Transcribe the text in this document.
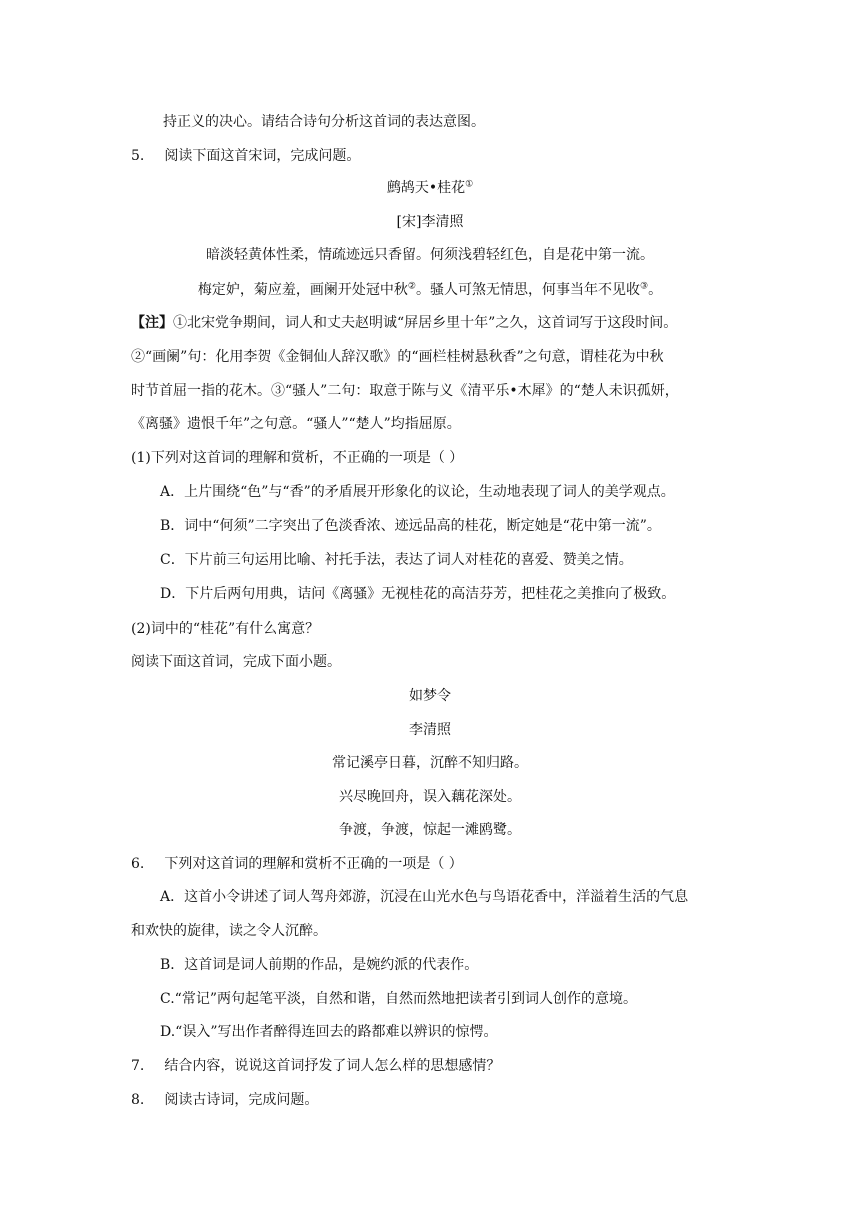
持正义的决心。请结合诗句分析这首词的表达意图。
5. 阅读下面这首宋词，完成问题。
鹧鸪天•桂花①
[宋]李清照
暗淡轻黄体性柔，情疏迹远只香留。何须浅碧轻红色，自是花中第一流。
梅定妒，菊应羞，画阑开处冠中秋②。骚人可煞无情思，何事当年不见收③。
【注】①北宋党争期间，词人和丈夫赵明诚“屏居乡里十年”之久，这首词写于这段时间。
②“画阑”句：化用李贺《金铜仙人辞汉歌》的“画栏桂树悬秋香”之句意，谓桂花为中秋
时节首屈一指的花木。③“骚人”二句：取意于陈与义《清平乐•木犀》的“楚人未识孤妍，
《离骚》遗恨千年”之句意。“骚人”“楚人”均指屈原。
(1)下列对这首词的理解和赏析，不正确的一项是（ ）
A．上片围绕“色”与“香”的矛盾展开形象化的议论，生动地表现了词人的美学观点。
B．词中“何须”二字突出了色淡香浓、迹远品高的桂花，断定她是“花中第一流”。
C．下片前三句运用比喻、衬托手法，表达了词人对桂花的喜爱、赞美之情。
D．下片后两句用典，诘问《离骚》无视桂花的高洁芬芳，把桂花之美推向了极致。
(2)词中的“桂花”有什么寓意？
阅读下面这首词，完成下面小题。
如梦令
李清照
常记溪亭日暮，沉醉不知归路。
兴尽晚回舟，误入藕花深处。
争渡，争渡，惊起一滩鸥鹭。
6. 下列对这首词的理解和赏析不正确的一项是（ ）
A．这首小令讲述了词人驾舟郊游，沉浸在山光水色与鸟语花香中，洋溢着生活的气息
和欢快的旋律，读之令人沉醉。
B．这首词是词人前期的作品，是婉约派的代表作。
C.“常记”两句起笔平淡，自然和谐，自然而然地把读者引到词人创作的意境。
D.“误入”写出作者醉得连回去的路都难以辨识的惊愕。
7. 结合内容，说说这首词抒发了词人怎么样的思想感情？
8. 阅读古诗词，完成问题。
